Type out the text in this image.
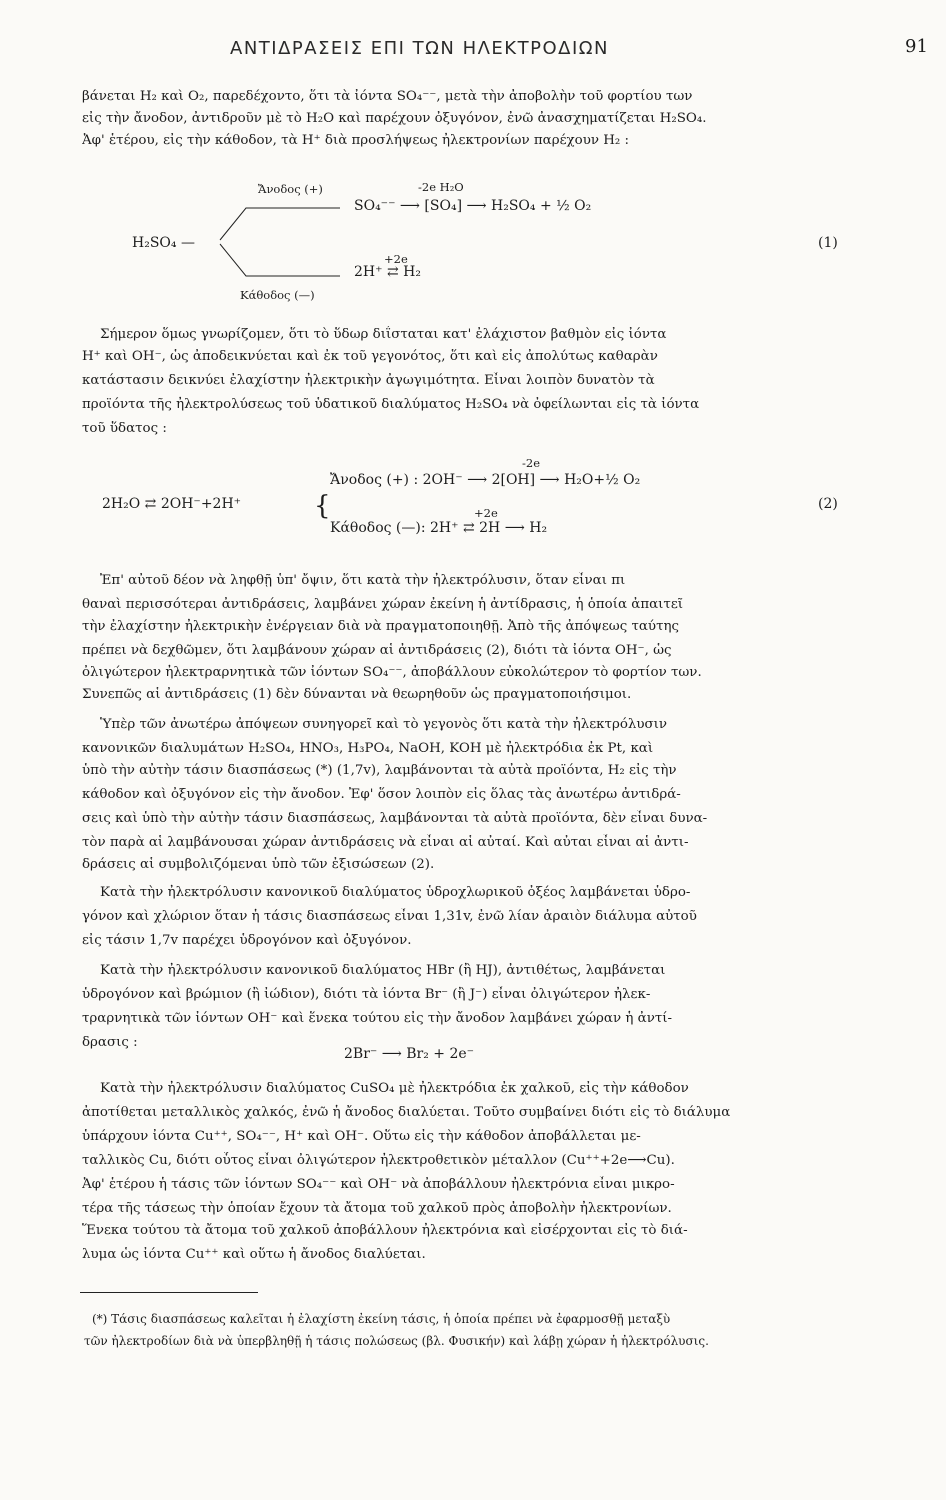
ΑΝΤΙΔΡΑΣΕΙΣ ΕΠΙ ΤΩΝ ΗΛΕΚΤΡΟΔΙΩΝ	91
βάνεται H₂ καὶ O₂, παρεδέχοντο, ὅτι τὰ ἰόντα SO₄⁻⁻, μετὰ τὴν ἀποβολὴν τοῦ φορτίου των
εἰς τὴν ἄνοδον, ἀντιδροῦν μὲ τὸ H₂O καὶ παρέχουν ὀξυγόνον, ἐνῶ ἀνασχηματίζεται H₂SO₄.
Ἀφ' ἑτέρου, εἰς τὴν κάθοδον, τὰ H⁺ διὰ προσλήψεως ἠλεκτρονίων παρέχουν H₂ :
Ἄνοδος (+)	-2e H₂O
SO₄⁻⁻ ⟶ [SO₄] ⟶ H₂SO₄ + ½ O₂
H₂SO₄ —
+2e
2H⁺ ⇄ H₂
Κάθοδος (—)
(1)
Σήμερον ὅμως γνωρίζομεν, ὅτι τὸ ὕδωρ διΐσταται κατ' ἐλάχιστον βαθμὸν εἰς ἰόντα
H⁺ καὶ OH⁻, ὡς ἀποδεικνύεται καὶ ἐκ τοῦ γεγονότος, ὅτι καὶ εἰς ἀπολύτως καθαρὰν
κατάστασιν δεικνύει ἐλαχίστην ἠλεκτρικὴν ἀγωγιμότητα. Εἶναι λοιπὸν δυνατὸν τὰ
προϊόντα τῆς ἠλεκτρολύσεως τοῦ ὑδατικοῦ διαλύματος H₂SO₄ νὰ ὀφείλωνται εἰς τὰ ἰόντα
τοῦ ὕδατος :
-2e
Ἄνοδος (+) : 2OH⁻ ⟶ 2[OH] ⟶ H₂O+½ O₂
2H₂O ⇄ 2OH⁻+2H⁺	{	(2)
+2e
Κάθοδος (—): 2H⁺ ⇄ 2H ⟶ H₂
Ἐπ' αὐτοῦ δέον νὰ ληφθῇ ὑπ' ὄψιν, ὅτι κατὰ τὴν ἠλεκτρόλυσιν, ὅταν εἶναι πι
θαναὶ περισσότεραι ἀντιδράσεις, λαμβάνει χώραν ἐκείνη ἡ ἀντίδρασις, ἡ ὁποία ἀπαιτεῖ
τὴν ἐλαχίστην ἠλεκτρικὴν ἐνέργειαν διὰ νὰ πραγματοποιηθῇ. Ἀπὸ τῆς ἀπόψεως ταύτης
πρέπει νὰ δεχθῶμεν, ὅτι λαμβάνουν χώραν αἱ ἀντιδράσεις (2), διότι τὰ ἰόντα OH⁻, ὡς
ὀλιγώτερον ἠλεκτραρνητικὰ τῶν ἰόντων SO₄⁻⁻, ἀποβάλλουν εὐκολώτερον τὸ φορτίον των.
Συνεπῶς αἱ ἀντιδράσεις (1) δὲν δύνανται νὰ θεωρηθοῦν ὡς πραγματοποιήσιμοι.
Ὑπὲρ τῶν ἀνωτέρω ἀπόψεων συνηγορεῖ καὶ τὸ γεγονὸς ὅτι κατὰ τὴν ἠλεκτρόλυσιν
κανονικῶν διαλυμάτων H₂SO₄, HNO₃, H₃PO₄, NaOH, KOH μὲ ἠλεκτρόδια ἐκ Pt, καὶ
ὑπὸ τὴν αὐτὴν τάσιν διασπάσεως (*) (1,7v), λαμβάνονται τὰ αὐτὰ προϊόντα, H₂ εἰς τὴν
κάθοδον καὶ ὀξυγόνον εἰς τὴν ἄνοδον. Ἐφ' ὅσον λοιπὸν εἰς ὅλας τὰς ἀνωτέρω ἀντιδρά-
σεις καὶ ὑπὸ τὴν αὐτὴν τάσιν διασπάσεως, λαμβάνονται τὰ αὐτὰ προϊόντα, δὲν εἶναι δυνα-
τὸν παρὰ αἱ λαμβάνουσαι χώραν ἀντιδράσεις νὰ εἶναι αἱ αὐταί. Καὶ αὐται εἶναι αἱ ἀντι-
δράσεις αἱ συμβολιζόμεναι ὑπὸ τῶν ἐξισώσεων (2).
Κατὰ τὴν ἠλεκτρόλυσιν κανονικοῦ διαλύματος ὑδροχλωρικοῦ ὀξέος λαμβάνεται ὑδρο-
γόνον καὶ χλώριον ὅταν ἡ τάσις διασπάσεως εἶναι 1,31v, ἐνῶ λίαν ἀραιὸν διάλυμα αὐτοῦ
εἰς τάσιν 1,7v παρέχει ὑδρογόνον καὶ ὀξυγόνον.
Κατὰ τὴν ἠλεκτρόλυσιν κανονικοῦ διαλύματος HBr (ἢ HJ), ἀντιθέτως, λαμβάνεται
ὑδρογόνον καὶ βρώμιον (ἢ ἰώδιον), διότι τὰ ἰόντα Br⁻ (ἢ J⁻) εἶναι ὀλιγώτερον ἠλεκ-
τραρνητικὰ τῶν ἰόντων OH⁻ καὶ ἕνεκα τούτου εἰς τὴν ἄνοδον λαμβάνει χώραν ἡ ἀντί-
δρασις :
2Br⁻ ⟶ Br₂ + 2e⁻
Κατὰ τὴν ἠλεκτρόλυσιν διαλύματος CuSO₄ μὲ ἠλεκτρόδια ἐκ χαλκοῦ, εἰς τὴν κάθοδον
ἀποτίθεται μεταλλικὸς χαλκός, ἐνῶ ἡ ἄνοδος διαλύεται. Τοῦτο συμβαίνει διότι εἰς τὸ διάλυμα
ὑπάρχουν ἰόντα Cu⁺⁺, SO₄⁻⁻, H⁺ καὶ OH⁻. Οὕτω εἰς τὴν κάθοδον ἀποβάλλεται με-
ταλλικὸς Cu, διότι οὗτος εἶναι ὀλιγώτερον ἠλεκτροθετικὸν μέταλλον (Cu⁺⁺+2e⟶Cu).
Ἀφ' ἑτέρου ἡ τάσις τῶν ἰόντων SO₄⁻⁻ καὶ OH⁻ νὰ ἀποβάλλουν ἠλεκτρόνια εἶναι μικρο-
τέρα τῆς τάσεως τὴν ὁποίαν ἔχουν τὰ ἄτομα τοῦ χαλκοῦ πρὸς ἀποβολὴν ἠλεκτρονίων.
Ἕνεκα τούτου τὰ ἄτομα τοῦ χαλκοῦ ἀποβάλλουν ἠλεκτρόνια καὶ εἰσέρχονται εἰς τὸ διά-
λυμα ὡς ἰόντα Cu⁺⁺ καὶ οὕτω ἡ ἄνοδος διαλύεται.
(*) Τάσις διασπάσεως καλεῖται ἡ ἐλαχίστη ἐκείνη τάσις, ἡ ὁποία πρέπει νὰ ἐφαρμοσθῇ μεταξὺ
τῶν ἠλεκτροδίων διὰ νὰ ὑπερβληθῇ ἡ τάσις πολώσεως (βλ. Φυσικήν) καὶ λάβῃ χώραν ἡ ἠλεκτρόλυσις.
